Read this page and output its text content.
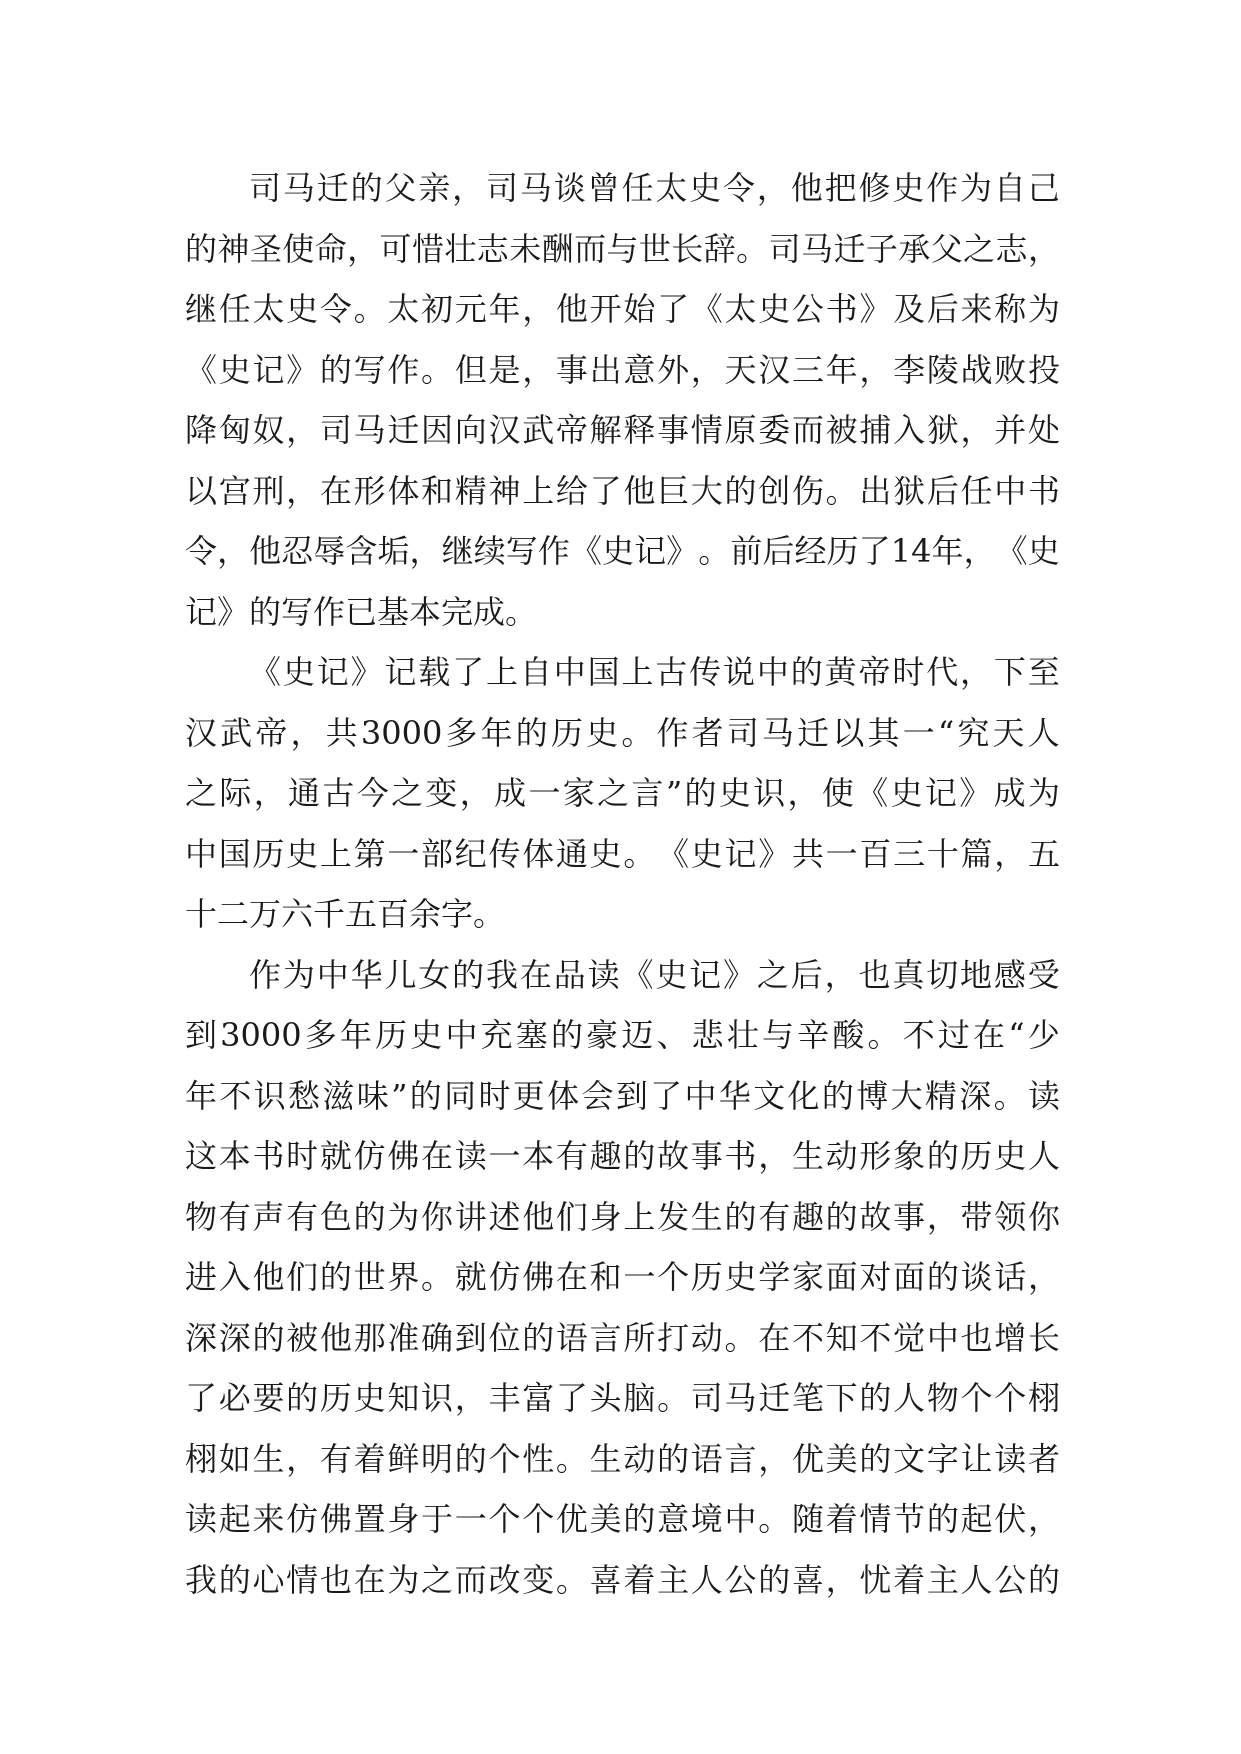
司 马 迁 的 父 亲 ， 司 马 谈 曾 任 太 史 令 ， 他 把 修 史 作 为 自 己
的 神 圣 使 命 ， 可 惜 壮 志 未 酬 而 与 世 长 辞 。 司 马 迁 子 承 父 之 志 ，
继 任 太 史 令 。 太 初 元 年 ， 他 开 始 了 《 太 史 公 书 》 及 后 来 称 为
《 史 记 》 的 写 作 。 但 是 ， 事 出 意 外 ， 天 汉 三 年 ， 李 陵 战 败 投
降 匈 奴 ， 司 马 迁 因 向 汉 武 帝 解 释 事 情 原 委 而 被 捕 入 狱 ， 并 处
以 宫 刑 ， 在 形 体 和 精 神 上 给 了 他 巨 大 的 创 伤 。 出 狱 后 任 中 书
令 ， 他 忍 辱 含 垢 ， 继 续 写 作 《 史 记 》 。 前 后 经 历 了 14 年 ， 《 史
记》的写作已基本完成。
《 史 记 》 记 载 了 上 自 中 国 上 古 传 说 中 的 黄 帝 时 代 ， 下 至
汉 武 帝 ， 共 3000 多 年 的 历 史 。 作 者 司 马 迁 以 其 一 “ 究 天 人
之 际 ， 通 古 今 之 变 ， 成 一 家 之 言 ” 的 史 识 ， 使 《 史 记 》 成 为
中 国 历 史 上 第 一 部 纪 传 体 通 史 。 《 史 记 》 共 一 百 三 十 篇 ， 五
十二万六千五百余字。
作 为 中 华 儿 女 的 我 在 品 读 《 史 记 》 之 后 ， 也 真 切 地 感 受
到 3000 多 年 历 史 中 充 塞 的 豪 迈 、 悲 壮 与 辛 酸 。 不 过 在 “ 少
年 不 识 愁 滋 味 ” 的 同 时 更 体 会 到 了 中 华 文 化 的 博 大 精 深 。 读
这 本 书 时 就 仿 佛 在 读 一 本 有 趣 的 故 事 书 ， 生 动 形 象 的 历 史 人
物 有 声 有 色 的 为 你 讲 述 他 们 身 上 发 生 的 有 趣 的 故 事 ， 带 领 你
进 入 他 们 的 世 界 。 就 仿 佛 在 和 一 个 历 史 学 家 面 对 面 的 谈 话 ，
深 深 的 被 他 那 准 确 到 位 的 语 言 所 打 动 。 在 不 知 不 觉 中 也 增 长
了 必 要 的 历 史 知 识 ， 丰 富 了 头 脑 。 司 马 迁 笔 下 的 人 物 个 个 栩
栩 如 生 ， 有 着 鲜 明 的 个 性 。 生 动 的 语 言 ， 优 美 的 文 字 让 读 者
读 起 来 仿 佛 置 身 于 一 个 个 优 美 的 意 境 中 。 随 着 情 节 的 起 伏 ，
我 的 心 情 也 在 为 之 而 改 变 。 喜 着 主 人 公 的 喜 ， 忧 着 主 人 公 的
